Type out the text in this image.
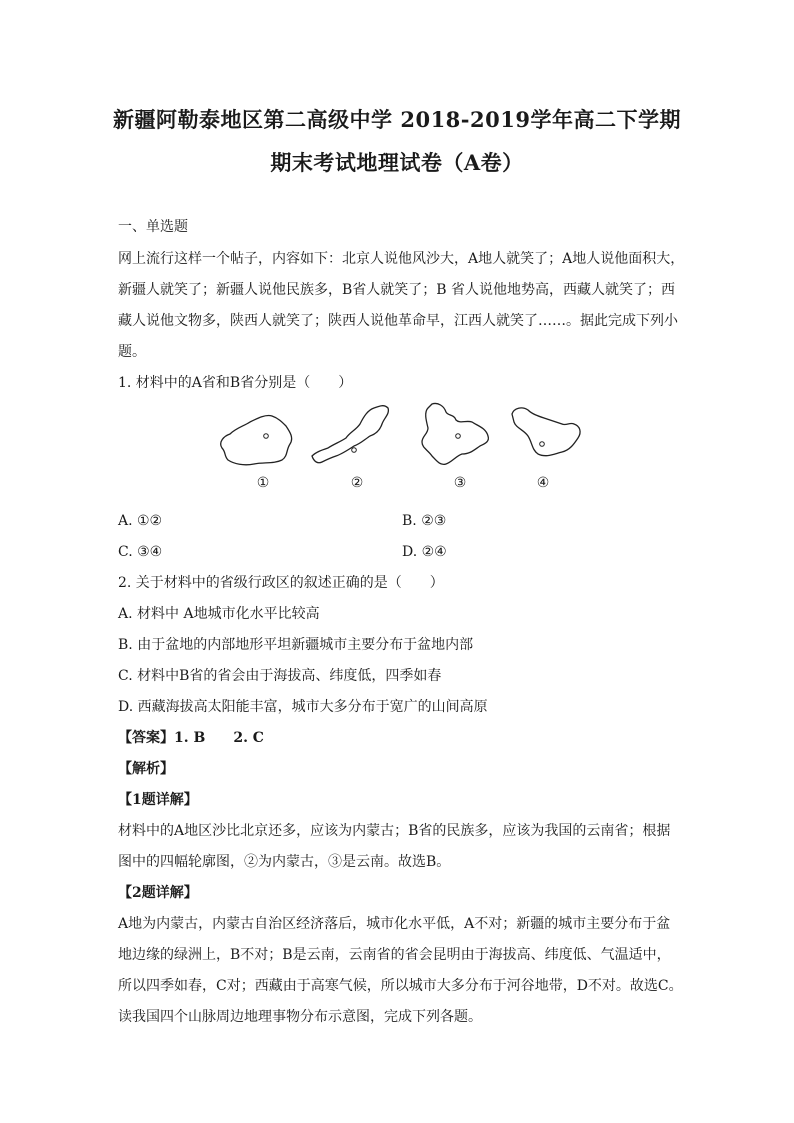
新疆阿勒泰地区第二高级中学 2018-2019学年高二下学期
期末考试地理试卷（A卷）
一、单选题
网上流行这样一个帖子，内容如下：北京人说他风沙大，A地人就笑了；A地人说他面积大，
新疆人就笑了；新疆人说他民族多，B省人就笑了；B 省人说他地势高，西藏人就笑了；西
藏人说他文物多，陕西人就笑了；陕西人说他革命早，江西人就笑了……。据此完成下列小
题。
1. 材料中的A省和B省分别是（　　）
①	②	③	④
A. ①②	B. ②③
C. ③④	D. ②④
2. 关于材料中的省级行政区的叙述正确的是（　　）
A. 材料中 A地城市化水平比较高
B. 由于盆地的内部地形平坦新疆城市主要分布于盆地内部
C. 材料中B省的省会由于海拔高、纬度低，四季如春
D. 西藏海拔高太阳能丰富，城市大多分布于宽广的山间高原
【答案】1. B　　2. C
【解析】
【1题详解】
材料中的A地区沙比北京还多，应该为内蒙古；B省的民族多，应该为我国的云南省；根据
图中的四幅轮廓图，②为内蒙古，③是云南。故选B。
【2题详解】
A地为内蒙古，内蒙古自治区经济落后，城市化水平低，A不对；新疆的城市主要分布于盆
地边缘的绿洲上，B不对；B是云南，云南省的省会昆明由于海拔高、纬度低、气温适中，
所以四季如春，C对；西藏由于高寒气候，所以城市大多分布于河谷地带，D不对。故选C。
读我国四个山脉周边地理事物分布示意图，完成下列各题。
